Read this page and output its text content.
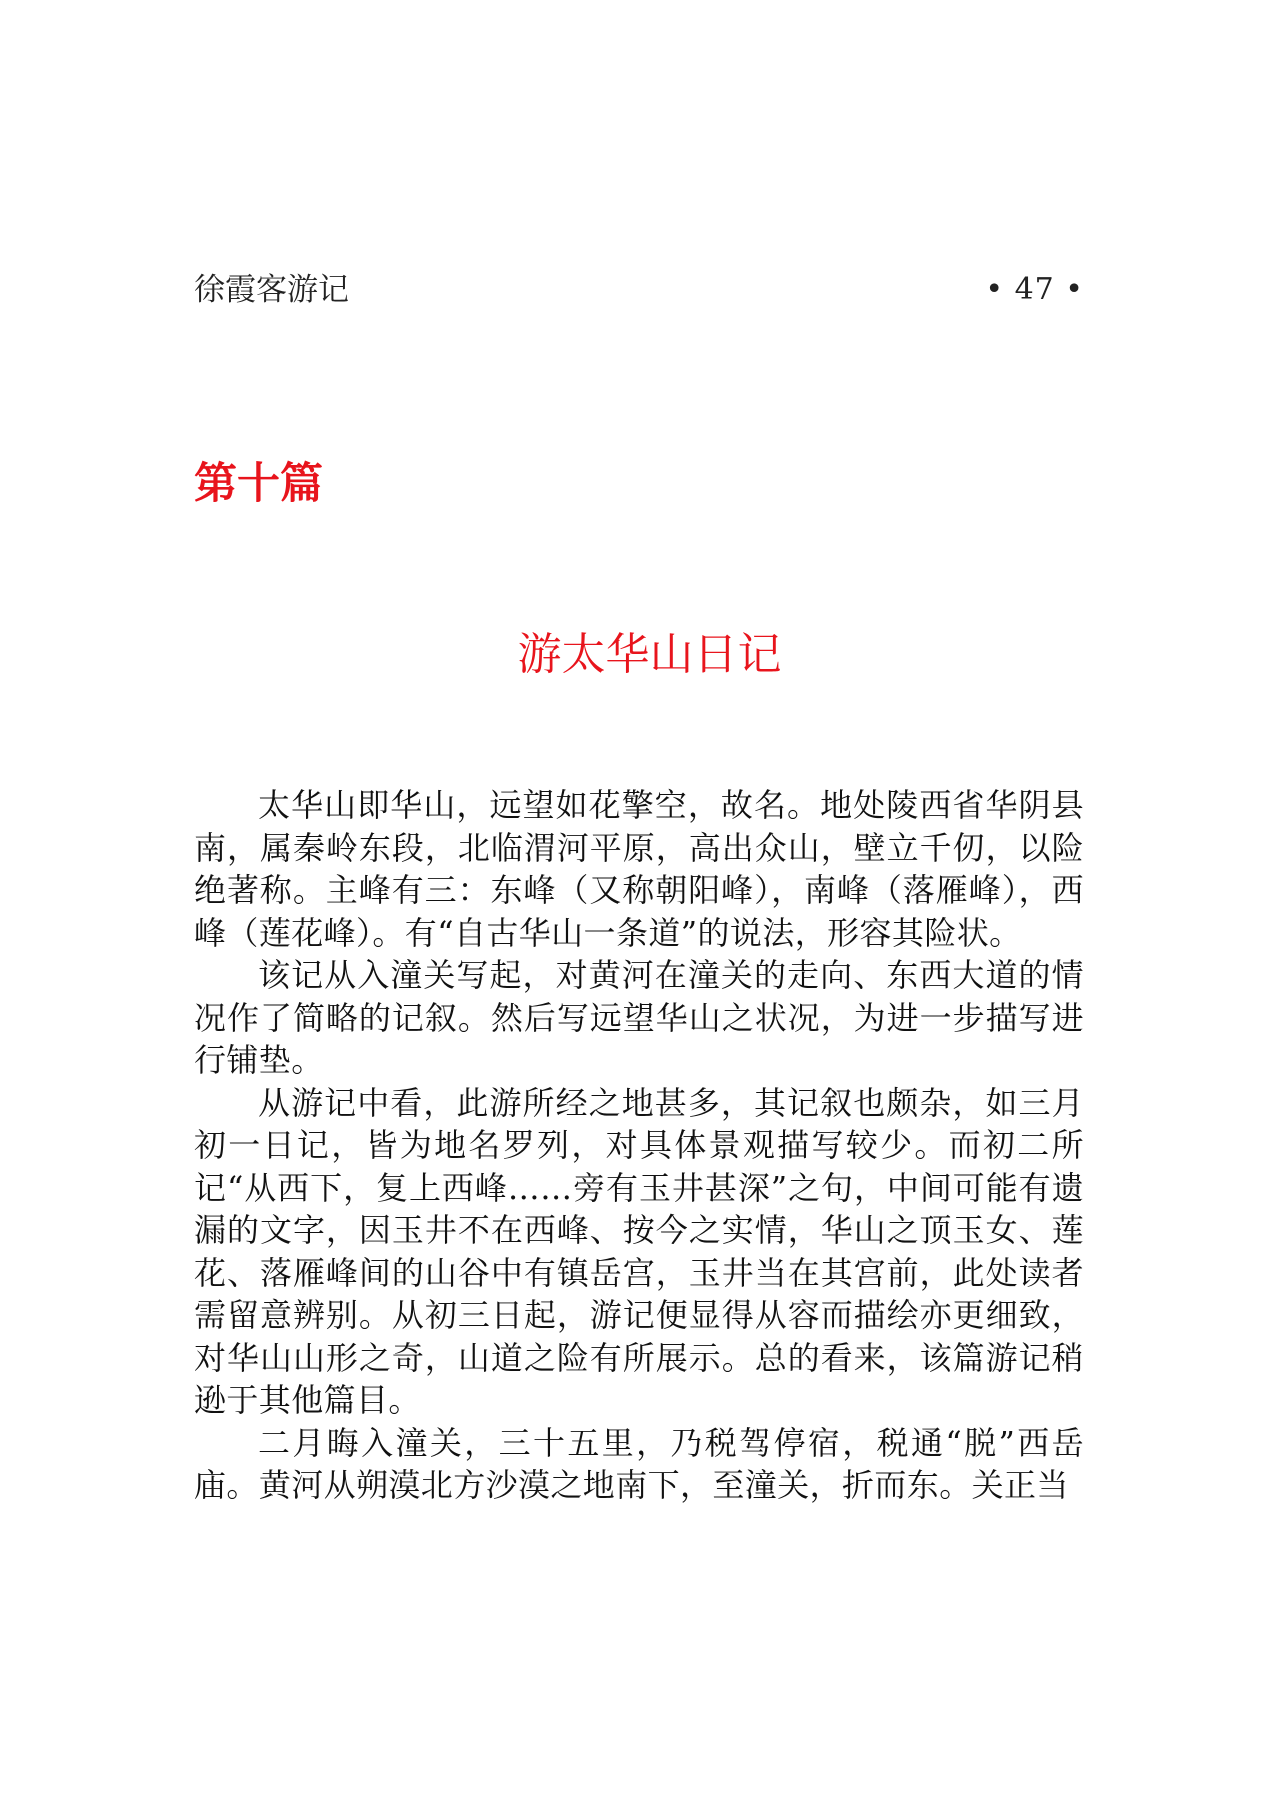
徐霞客游记	• 47 •
第十篇
游太华山日记

太华山即华山，远望如花擎空，故名。地处陵西省华阴县南，属秦岭东段，北临渭河平原，高出众山，壁立千仞，以险绝著称。主峰有三：东峰（又称朝阳峰），南峰（落雁峰），西峰（莲花峰）。有“自古华山一条道”的说法，形容其险状。

该记从入潼关写起，对黄河在潼关的走向、东西大道的情况作了简略的记叙。然后写远望华山之状况，为进一步描写进行铺垫。

从游记中看，此游所经之地甚多，其记叙也颇杂，如三月初一日记，皆为地名罗列，对具体景观描写较少。而初二所记“从西下，复上西峰……旁有玉井甚深”之句，中间可能有遗漏的文字，因玉井不在西峰、按今之实情，华山之顶玉女、莲花、落雁峰间的山谷中有镇岳宫，玉井当在其宫前，此处读者需留意辨别。从初三日起，游记便显得从容而描绘亦更细致，对华山山形之奇，山道之险有所展示。总的看来，该篇游记稍逊于其他篇目。

二月晦入潼关，三十五里，乃税驾停宿，税通“脱”西岳庙。黄河从朔漠北方沙漠之地南下，至潼关，折而东。关正当
